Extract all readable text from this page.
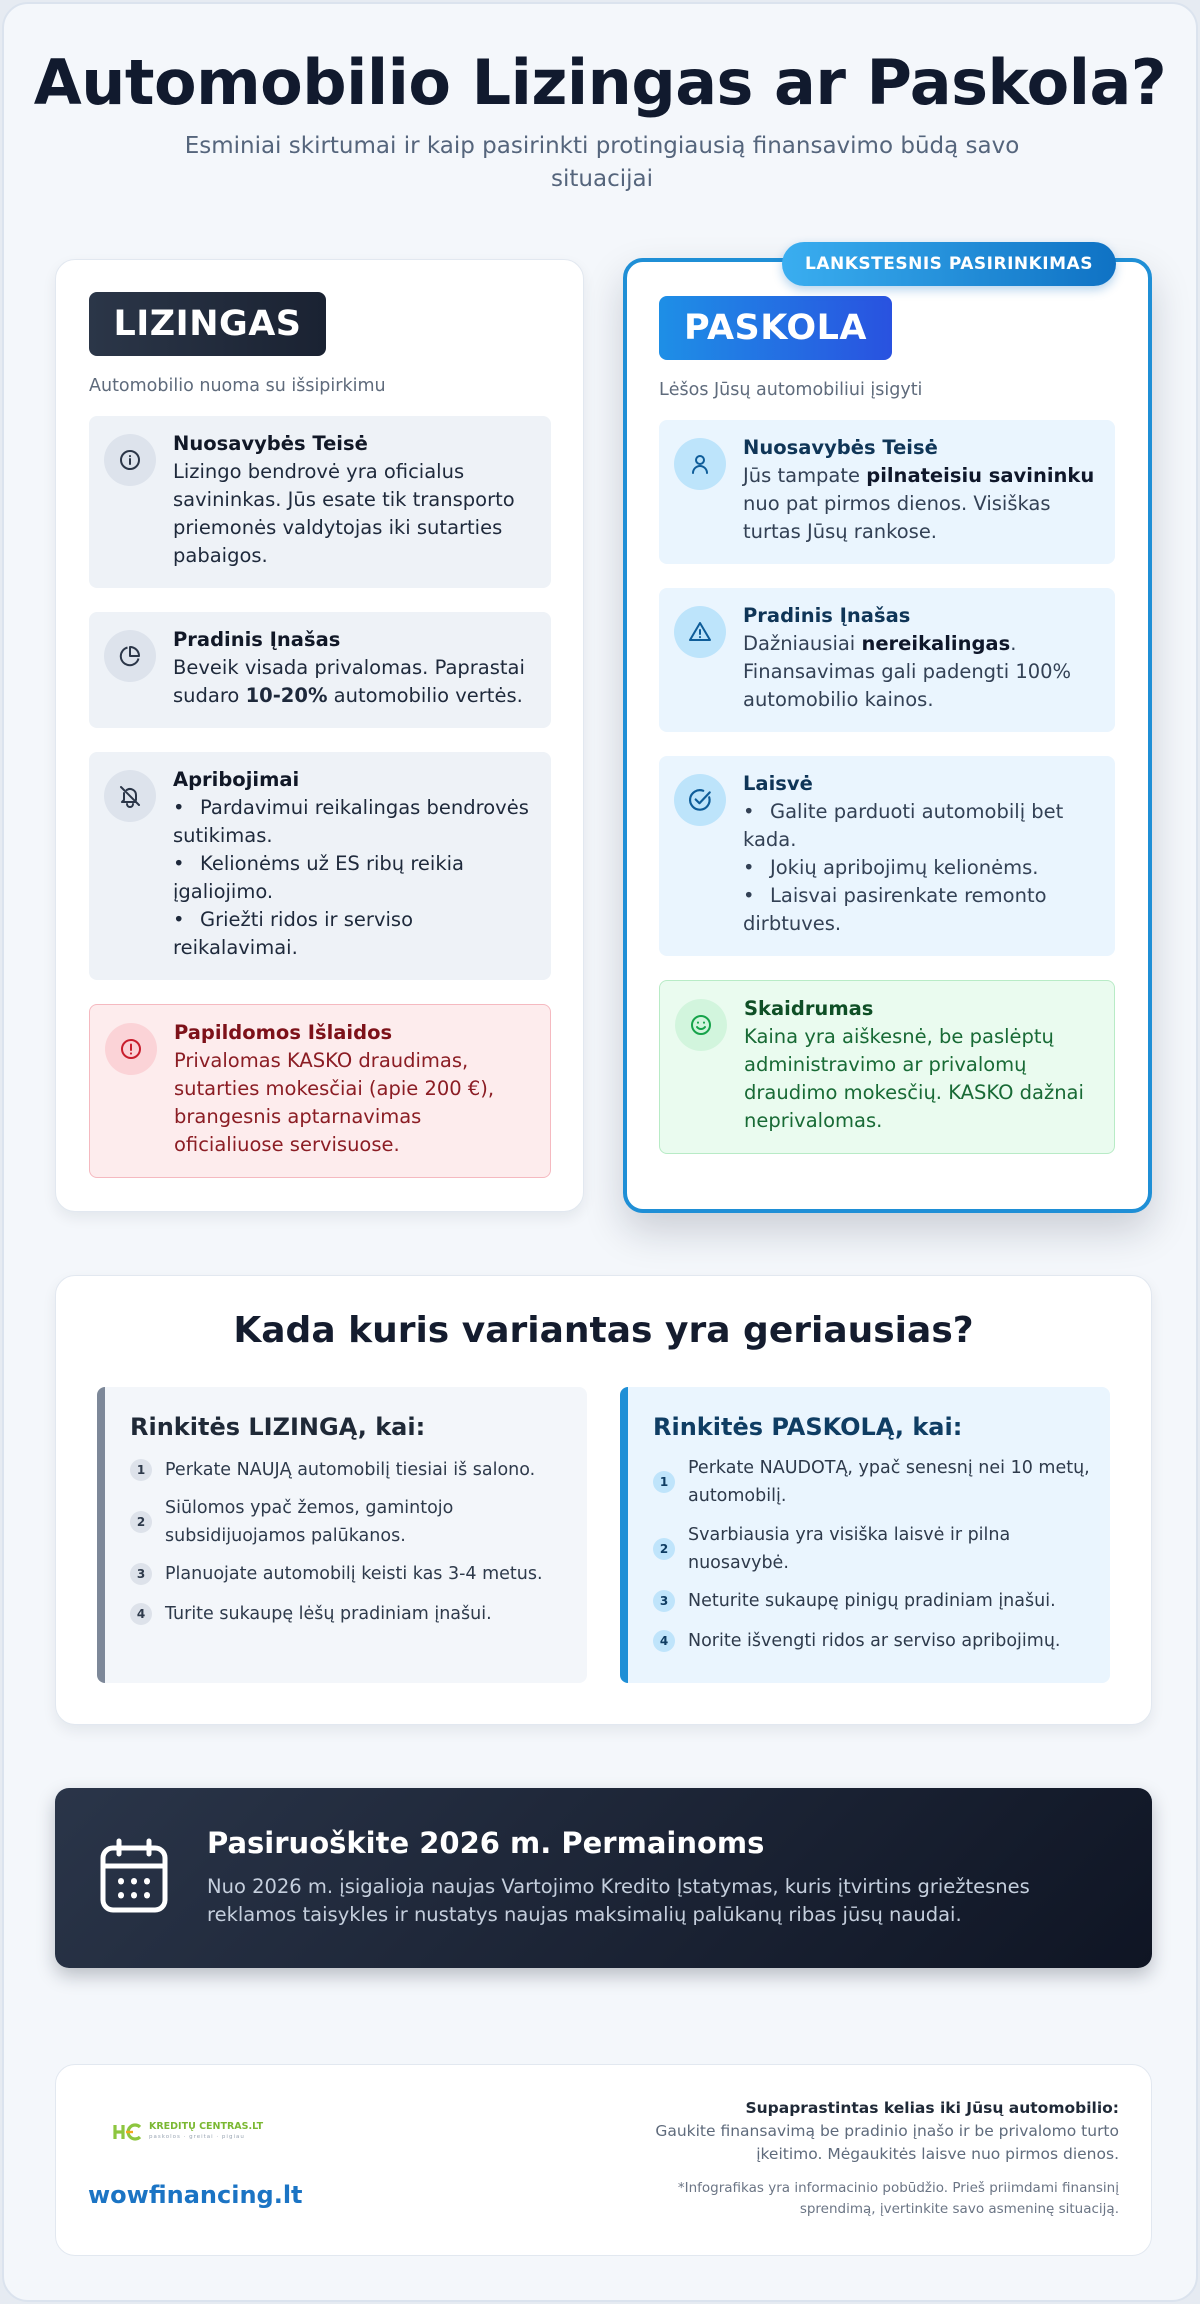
Automobilio Lizingas ar Paskola?

Esminiai skirtumai ir kaip pasirinkti protingiausią finansavimo būdą savo situacijai

LIZINGAS
Automobilio nuoma su išsipirkimu
Nuosavybės Teisė
Lizingo bendrovė yra oficialus savininkas. Jūs esate tik transporto priemonės valdytojas iki sutarties pabaigos.
Pradinis Įnašas
Beveik visada privalomas. Paprastai sudaro 10-20% automobilio vertės.
Apribojimai
• Pardavimui reikalingas bendrovės sutikimas.
• Kelionėms už ES ribų reikia įgaliojimo.
• Griežti ridos ir serviso reikalavimai.
Papildomos Išlaidos
Privalomas KASKO draudimas, sutarties mokesčiai (apie 200 €), brangesnis aptarnavimas oficialiuose servisuose.
PASKOLA
Lėšos Jūsų automobiliui įsigyti
Nuosavybės Teisė
Jūs tampate pilnateisiu savininku nuo pat pirmos dienos. Visiškas turtas Jūsų rankose.
Pradinis Įnašas
Dažniausiai nereikalingas. Finansavimas gali padengti 100% automobilio kainos.
Laisvė
• Galite parduoti automobilį bet kada.
• Jokių apribojimų kelionėms.
• Laisvai pasirenkate remonto dirbtuves.
Skaidrumas
Kaina yra aiškesnė, be paslėptų administravimo ar privalomų draudimo mokesčių. KASKO dažnai neprivalomas.
LANKSTESNIS PASIRINKIMAS
Kada kuris variantas yra geriausias?
Rinkitės LIZINGĄ, kai:
1	Perkate NAUJĄ automobilį tiesiai iš salono.
2
Siūlomos ypač žemos, gamintojo subsidijuojamos palūkanos.
3	Planuojate automobilį keisti kas 3-4 metus.
4	Turite sukaupę lėšų pradiniam įnašui.
Rinkitės PASKOLĄ, kai:
1
Perkate NAUDOTĄ, ypač senesnį nei 10 metų, automobilį.
2
Svarbiausia yra visiška laisvė ir pilna nuosavybė.
3	Neturite sukaupę pinigų pradiniam įnašui.
4	Norite išvengti ridos ar serviso apribojimų.
Pasiruoškite 2026 m. Permainoms
Nuo 2026 m. įsigalioja naujas Vartojimo Kredito Įstatymas, kuris įtvirtins griežtesnes reklamos taisykles ir nustatys naujas maksimalių palūkanų ribas jūsų naudai.
KREDITŲ CENTRAS.LT
paskolos · greitai · pigiau
wowfinancing.lt
Supaprastintas kelias iki Jūsų automobilio:
Gaukite finansavimą be pradinio įnašo ir be privalomo turto įkeitimo. Mėgaukitės laisve nuo pirmos dienos.
*Infografikas yra informacinio pobūdžio. Prieš priimdami finansinį sprendimą, įvertinkite savo asmeninę situaciją.
